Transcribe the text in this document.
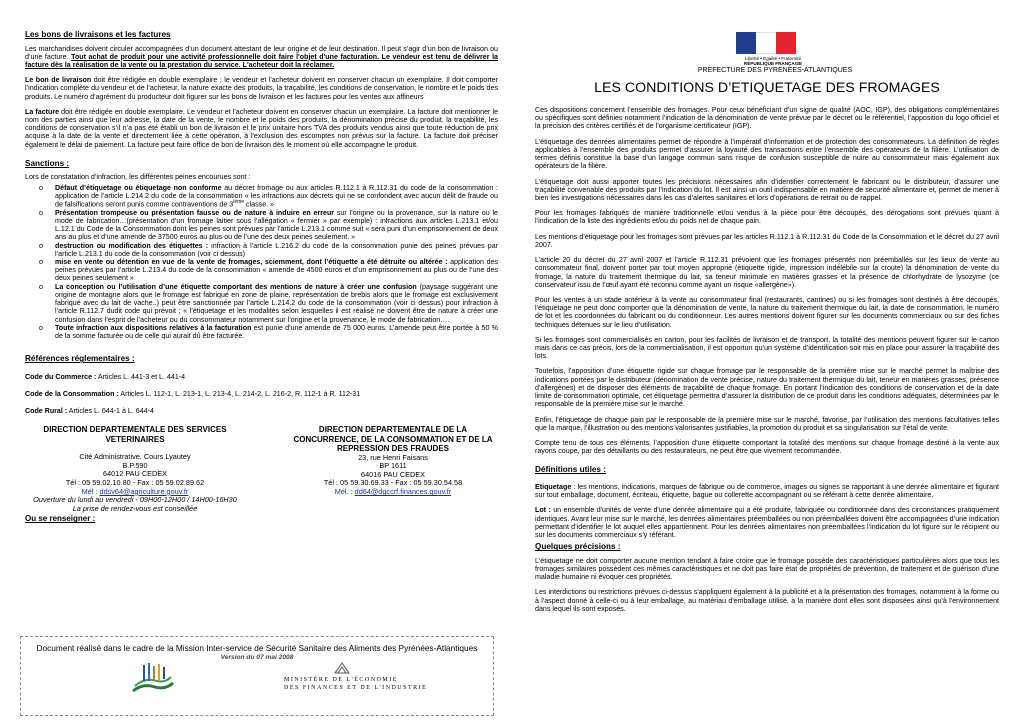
Les bons de livraisons et les factures

Les marchandises doivent circuler accompagnées d’un document attestant de leur origine et de leur destination. Il peut s’agir d’un bon de livraison ou d’une facture. Tout achat de produit pour une activité professionnelle doit faire l'objet d'une facturation. Le vendeur est tenu de délivrer la facture dès la réalisation de la vente ou la prestation du service. L'acheteur doit la réclamer.

Le bon de livraison doit être rédigée en double exemplaire ; le vendeur et l'acheteur doivent en conserver chacun un exemplaire. Il doit comporter l’indication complète du vendeur et de l’acheteur, la nature exacte des produits, la traçabilité, les conditions de conservation, le nombre et le poids des produits. Le numéro d’agrément du producteur doit figurer sur les bons de livraison et les factures pour les ventes aux affineurs

La facture doit être rédigée en double exemplaire. Le vendeur et l'acheteur doivent en conserver chacun un exemplaire. La facture doit mentionner le nom des parties ainsi que leur adresse, la date de la vente, le nombre et le poids des produits, la dénomination précise du produit, la traçabilité, les conditions de conservation s’il n’a pas été établi un bon de livraison et le prix unitaire hors TVA des produits vendus ainsi que toute réduction de prix acquise à la date de la vente et directement liée à cette opération, à l'exclusion des escomptes non prévus sur la facture. La facture doit préciser également le délai de paiement. La facture peut faire office de bon de livraison dès le moment où elle accompagne le produit.

Sanctions :

Lors de constatation d’infraction, les différentes peines encourues sont :

o Défaut d’étiquetage ou étiquetage non conforme au décret fromage ou aux articles R.112.1 à R.112.31 du code de la consommation : application de l’article L.214.2 du code de la consommation « les infractions aux décrets qui ne se confondent avec aucun délit de fraude ou de falsifications seront punis comme contraventions de 3ième classe. »
o Présentation trompeuse ou présentation fausse ou de nature à induire en erreur sur l’origine ou la provenance, sur la nature ou le mode de fabrication…(présentation d’un fromage laitier sous l’allégation « fermier » par exemple) : infractions aux articles L.213.1 et/ou L.12.1 du Code de la Consommation dont les peines sont prévues par l’article L.213.1 comme suit « sera puni d’un emprisonnement de deux ans au plus et d’une amende de 37500 euros au plus ou de l’une des deux peines seulement. »
o destruction ou modification des étiquettes : infraction à l’article L.216.2 du code de la consommation punie des peines prévues par l’article L.213.1 du code de la consommation (voir ci dessus)
o mise en vente ou détention en vue de la vente de fromages, sciemment, dont l’étiquette a été détruite ou altérée : application des peines prévues par l’article L.213.4 du code de la consommation « amende de 4500 euros et d’un emprisonnement au plus ou de l’une des deux peines seulement »
o La conception ou l’utilisation d’une étiquette comportant des mentions de nature à créer une confusion (paysage suggérant une origine de montagne alors que le fromage est fabriqué en zone de plaine, représentation de brebis alors que le fromage est exclusivement fabriqué avec du lait de vache..) peut être sanctionnée par l’article L.214.2 du code de la consommation (voir ci dessus) pour infraction à l’article R.112.7 dudit code qui prévoit ; « l’étiquetage et les modalités selon lesquelles il est réalisé ne doivent être de nature à créer une confusion dans l’esprit de l’acheteur ou du consommateur notamment sur l’origine et la provenance, le mode de fabrication….
o Toute infraction aux dispositions relatives à la facturation est punie d’une amende de 75 000 euros. L’amende peut être portée à 50 % de la somme facturée ou de celle qui aurait dû être facturée.
Références réglementaires :
Code du Commerce : Articles L. 441-3 et L. 441-4
Code de la Consommation : Articles L. 112-1, L. 213-1, L. 213-4, L. 214-2, L. 216-2, R. 112-1 à R. 112-31
Code Rural : Articles L. 644-1 à L. 644-4
DIRECTION DEPARTEMENTALE DES SERVICES VETERINAIRES
Cité Administrative. Cours Lyautey
B.P.590
64012 PAU CEDEX
Tél : 05 59.02.10.80 - Fax : 05 59.02.89.62
Mél : ddsv64@agriculture.gouv.fr
Ouverture du lundi au vendredi - 09H00-12H00 / 14H00-16H30
La prise de rendez-vous est conseillée
Ou se renseigner :
DIRECTION DEPARTEMENTALE DE LA CONCURRENCE, DE LA CONSOMMATION ET DE LA REPRESSION DES FRAUDES
23, rue Henri Faisans
BP 1611
64016 PAU CEDEX
Tél : 05 59.30.69.33 - Fax : 05 59.30.54.58
Mél. : dd64@dgccrf.finances.gouv.fr
Document réalisé dans le cadre de la Mission Inter-service de Sécurité Sanitaire des Aliments des Pyrénées-Atlantiques
Version du 07 mai 2008
MINISTÈRE DE L'ÉCONOMIE
DES FINANCES ET DE L'INDUSTRIE
Liberté • Égalité • Fraternité
RÉPUBLIQUE FRANÇAISE
PREFECTURE DES PYRENEES-ATLANTIQUES
LES CONDITIONS D’ETIQUETAGE DES FROMAGES

Ces dispositions concernent l’ensemble des fromages. Pour ceux bénéficiant d’un signe de qualité (AOC, IGP), des obligations complémentaires ou spécifiques sont définies notamment l’indication de la dénomination de vente prévue par le décret ou le référentiel, l’apposition du logo officiel et la précision des critères certifiés et de l’organisme certificateur (IGP).

L’étiquetage des denrées alimentaires permet de répondre à l’impératif d’information et de protection des consommateurs. La définition de règles applicables à l’ensemble des produits permet d’assurer la loyauté des transactions entre l’ensemble des opérateurs de la filière. L’utilisation de termes définis constitue la base d’un langage commun sans risque de confusion susceptible de nuire au consommateur mais également aux opérateurs de la filière.

L’étiquetage doit aussi apporter toutes les précisions nécessaires afin d’identifier correctement le fabricant ou le distributeur, d’assurer une traçabilité convenable des produits par l’indication du lot. Il est ainsi un outil indispensable en matière de sécurité alimentaire et, permet de mener à bien les investigations nécessaires dans les cas d’alertes sanitaires et lors d’opérations de retrait ou de rappel.

Pour les fromages fabriqués de manière traditionnelle et/ou vendus à la pièce pour être découpés, des dérogations sont prévues quant à l’indication de la liste des ingrédients et/ou du poids net de chaque pain.

Les mentions d’étiquetage pour les fromages sont prévues par les articles R.112.1 à R.112.31 du Code de la Consommation et le décret du 27 avril 2007.

L’article 20 du décret du 27 avril 2007 et l’article R.112.31 prévoient que les fromages présentés non préemballés sur les lieux de vente au consommateur final, doivent porter par tout moyen approprié (étiquette rigide, impression indélébile sur la croute) la dénomination de vente du fromage, la nature du traitement thermique du lait, sa teneur minimale en matières grasses et la présence de chlorhydrate de lysozyme (ce conservateur issu de l’œuf ayant été reconnu comme ayant un risque «allergène»).

Pour les ventes à un stade antérieur à la vente au consommateur final (restaurants, cantines) ou si les fromages sont destinés à être découpés, l’étiquetage ne peut donc comporter que la dénomination de vente, la nature du traitement thermique du lait, la date de consommation, le numéro de lot et les coordonnées du fabricant ou du conditionneur. Les autres mentions doivent figurer sur les documents commerciaux ou sur des fiches techniques détenues sur le lieu d’utilisation.

Si les fromages sont commercialisés en carton, pour les facilités de livraison et de transport, la totalité des mentions peuvent figurer sur le carton mais dans ce cas précis, lors de la commercialisation, il est opportun qu’un système d’identification soit mis en place pour assurer la traçabilité des lots.

Toutefois, l’apposition d’une étiquette rigide sur chaque fromage par le responsable de la première mise sur le marché permet la maîtrise des indications portées par le distributeur (dénomination de vente précise, nature du traitement thermique du lait, teneur en matières grasses, présence d’allergènes) et de disposer des éléments de traçabilité de chaque fromage. En portant l’indication des conditions de conservation et de la date limite de consommation optimale, cet étiquetage permettra d’assurer la distribution de ce produit dans les conditions adéquates, déterminées par le responsable de la première mise sur le marché.

Enfin, l’étiquetage de chaque pain par le responsable de la première mise sur le marché, favorise, par l’utilisation des mentions facultatives telles que la marque, l’illustration ou des mentions valorisantes justifiables, la promotion du produit et sa singularisation sur l’étal de vente.

Compte tenu de tous ces éléments, l’apposition d’une étiquette comportant la totalité des mentions sur chaque fromage destiné à la vente aux rayons coupe, par des détaillants ou des restaurateurs, ne peut être que vivement recommandée.

Définitions utiles :

Etiquetage : les mentions, indications, marques de fabrique ou de commerce, images ou signes se rapportant à une denrée alimentaire et figurant sur tout emballage, document, écriteau, étiquette, bague ou collerette accompagnant ou se référant à cette denrée alimentaire.

Lot : un ensemble d'unités de vente d'une denrée alimentaire qui a été produite, fabriquée ou conditionnée dans des circonstances pratiquement identiques. Avant leur mise sur le marché, les denrées alimentaires préemballées ou non préemballées doivent être accompagnées d’une indication permettant d’identifier le lot auquel elles appartiennent. Pour les denrées alimentaires non préemballées l’indication du lot figure sur le récipient ou sur les documents commerciaux s’y référant.

Quelques précisions :

L'étiquetage ne doit comporter aucune mention tendant à faire croire que le fromage possède des caractéristiques particulières alors que tous les fromages similaires possèdent ces mêmes caractéristiques et ne doit pas faire état de propriétés de prévention, de traitement et de guérison d'une maladie humaine ni évoquer ces propriétés.

Les interdictions ou restrictions prévues ci-dessus s'appliquent également à la publicité et à la présentation des fromages, notamment à la forme ou à l'aspect donné à celle-ci ou à leur emballage, au matériau d'emballage utilisé, à la manière dont elles sont disposées ainsi qu'à l'environnement dans lequel ils sont exposés.
